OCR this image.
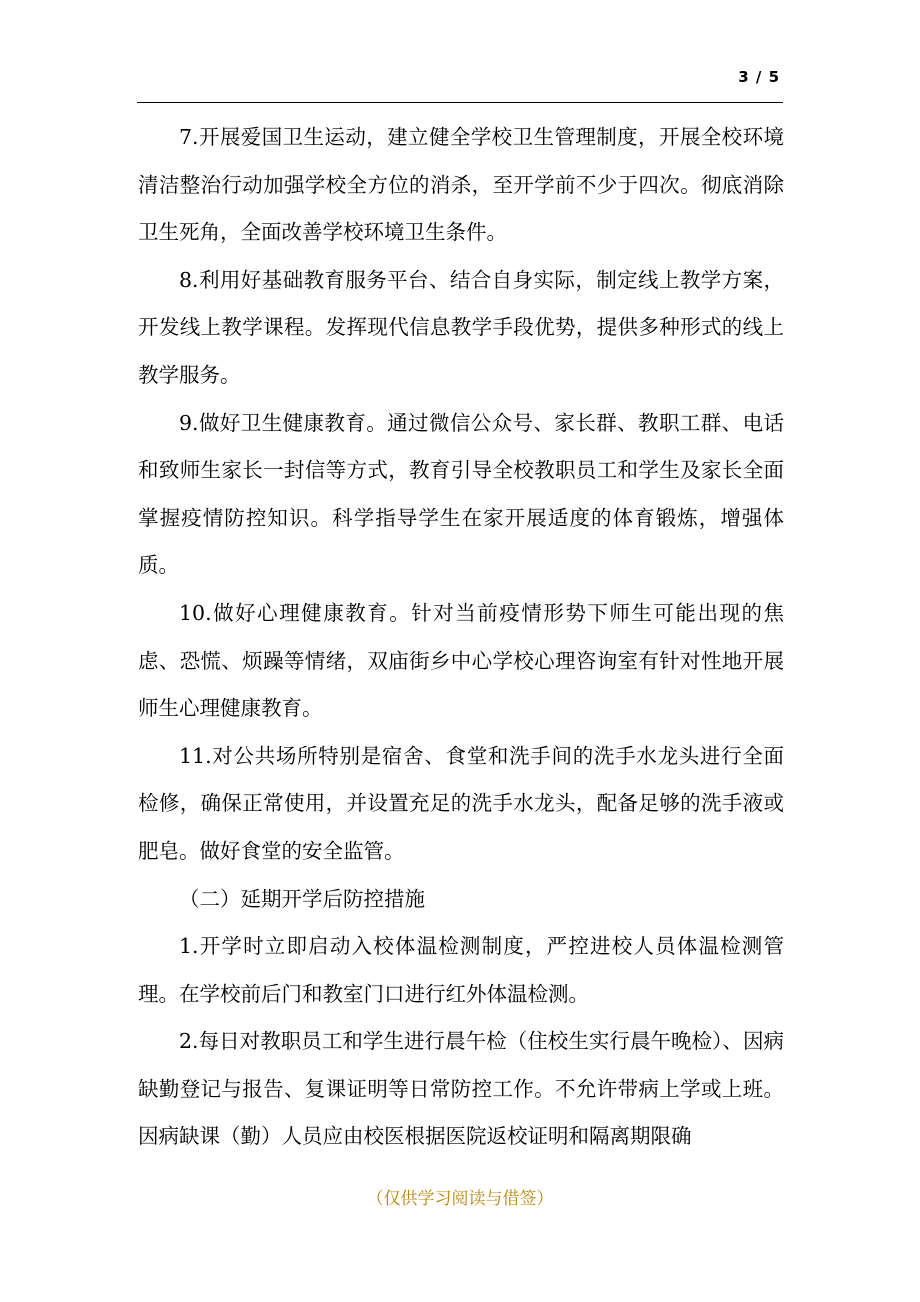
3 / 5

7.开展爱国卫生运动，建立健全学校卫生管理制度，开展全校环境清洁整治行动加强学校全方位的消杀，至开学前不少于四次。彻底消除卫生死角，全面改善学校环境卫生条件。

8.利用好基础教育服务平台、结合自身实际，制定线上教学方案，开发线上教学课程。发挥现代信息教学手段优势，提供多种形式的线上教学服务。

9.做好卫生健康教育。通过微信公众号、家长群、教职工群、电话和致师生家长一封信等方式，教育引导全校教职员工和学生及家长全面掌握疫情防控知识。科学指导学生在家开展适度的体育锻炼，增强体质。

10.做好心理健康教育。针对当前疫情形势下师生可能出现的焦虑、恐慌、烦躁等情绪，双庙街乡中心学校心理咨询室有针对性地开展师生心理健康教育。

11.对公共场所特别是宿舍、食堂和洗手间的洗手水龙头进行全面检修，确保正常使用，并设置充足的洗手水龙头，配备足够的洗手液或肥皂。做好食堂的安全监管。

（二）延期开学后防控措施

1.开学时立即启动入校体温检测制度，严控进校人员体温检测管理。在学校前后门和教室门口进行红外体温检测。

2.每日对教职员工和学生进行晨午检（住校生实行晨午晚检）、因病缺勤登记与报告、复课证明等日常防控工作。不允许带病上学或上班。因病缺课（勤）人员应由校医根据医院返校证明和隔离期限确

（仅供学习阅读与借签）
